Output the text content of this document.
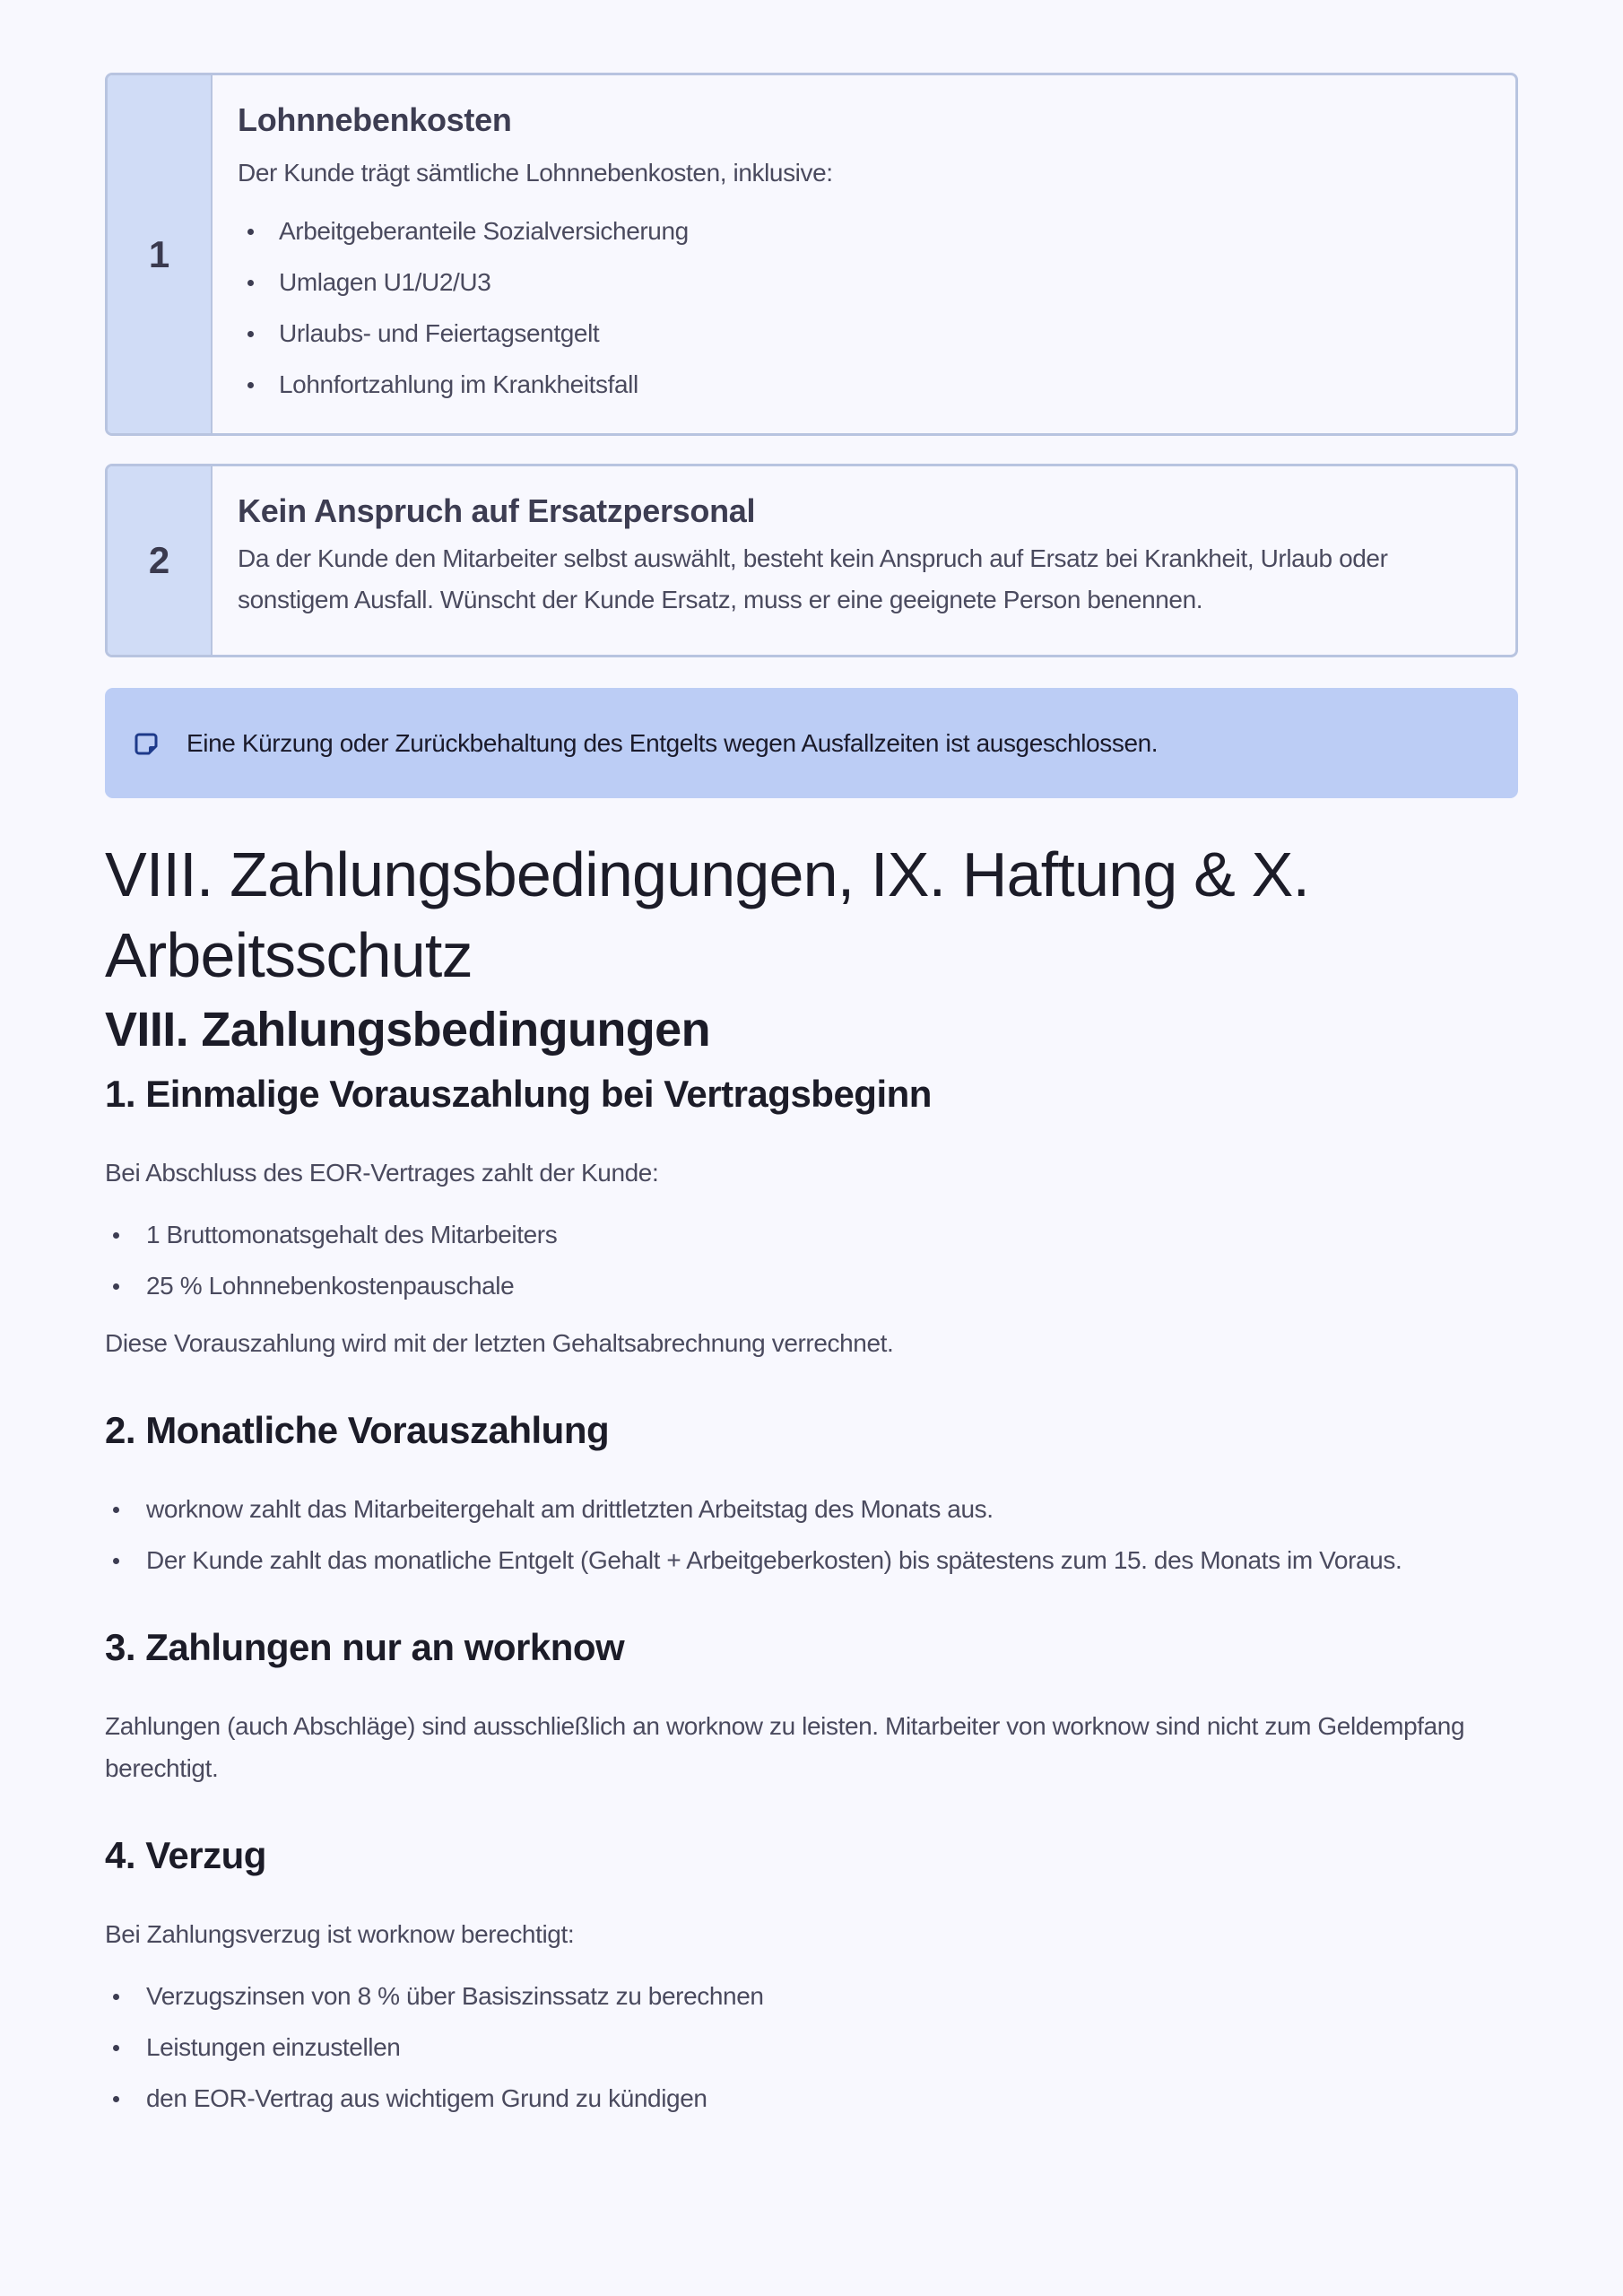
1
Lohnnebenkosten
Der Kunde trägt sämtliche Lohnnebenkosten, inklusive:
Arbeitgeberanteile Sozialversicherung
Umlagen U1/U2/U3
Urlaubs- und Feiertagsentgelt
Lohnfortzahlung im Krankheitsfall
2
Kein Anspruch auf Ersatzpersonal
Da der Kunde den Mitarbeiter selbst auswählt, besteht kein Anspruch auf Ersatz bei Krankheit, Urlaub oder sonstigem Ausfall. Wünscht der Kunde Ersatz, muss er eine geeignete Person benennen.
Eine Kürzung oder Zurückbehaltung des Entgelts wegen Ausfallzeiten ist ausgeschlossen.
VIII. Zahlungsbedingungen, IX. Haftung & X.
Arbeitsschutz
VIII. Zahlungsbedingungen
1. Einmalige Vorauszahlung bei Vertragsbeginn

Bei Abschluss des EOR-Vertrages zahlt der Kunde:

1 Bruttomonatsgehalt des Mitarbeiters
25 % Lohnnebenkostenpauschale

Diese Vorauszahlung wird mit der letzten Gehaltsabrechnung verrechnet.

2. Monatliche Vorauszahlung
worknow zahlt das Mitarbeitergehalt am drittletzten Arbeitstag des Monats aus.
Der Kunde zahlt das monatliche Entgelt (Gehalt + Arbeitgeberkosten) bis spätestens zum 15. des Monats im Voraus.
3. Zahlungen nur an worknow

Zahlungen (auch Abschläge) sind ausschließlich an worknow zu leisten. Mitarbeiter von worknow sind nicht zum Geldempfang berechtigt.

4. Verzug

Bei Zahlungsverzug ist worknow berechtigt:

Verzugszinsen von 8 % über Basiszinssatz zu berechnen
Leistungen einzustellen
den EOR-Vertrag aus wichtigem Grund zu kündigen
